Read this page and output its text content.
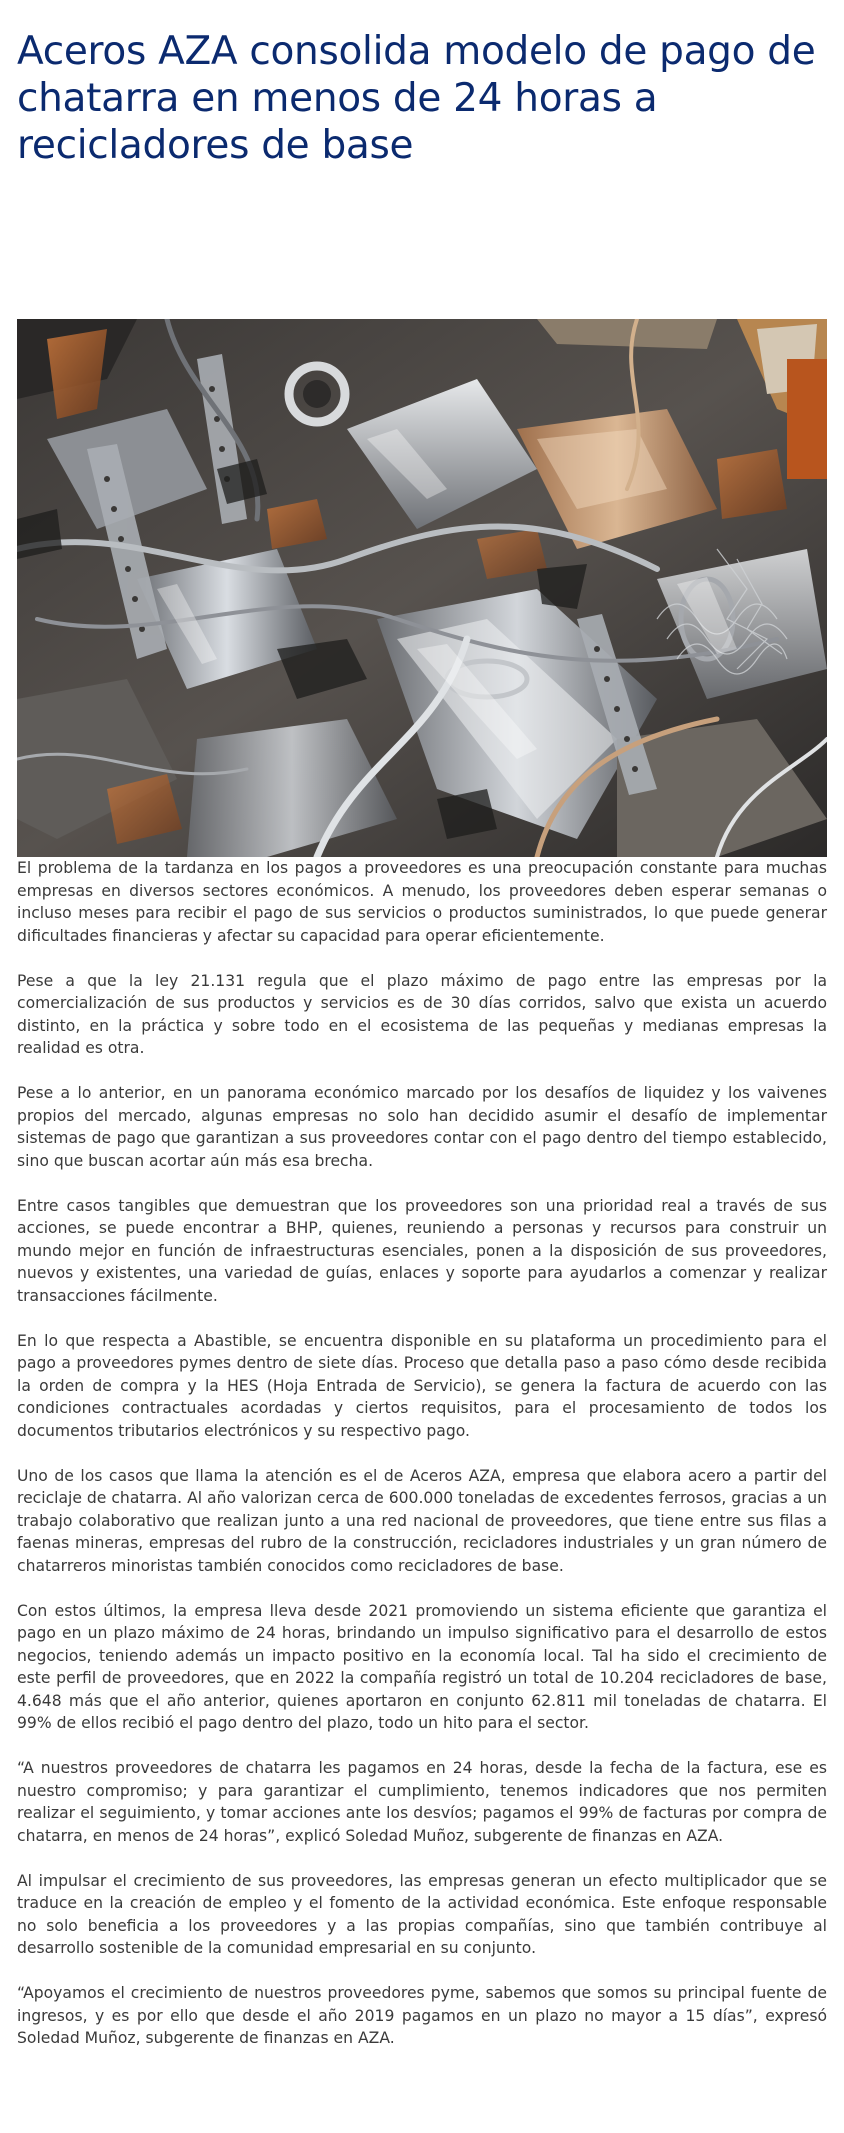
Aceros AZA consolida modelo de pago de chatarra en menos de 24 horas a recicladores de base

El problema de la tardanza en los pagos a proveedores es una preocupación constante para muchas empresas en diversos sectores económicos. A menudo, los proveedores deben esperar semanas o incluso meses para recibir el pago de sus servicios o productos suministrados, lo que puede generar dificultades financieras y afectar su capacidad para operar eficientemente.

Pese a que la ley 21.131 regula que el plazo máximo de pago entre las empresas por la comercialización de sus productos y servicios es de 30 días corridos, salvo que exista un acuerdo distinto, en la práctica y sobre todo en el ecosistema de las pequeñas y medianas empresas la realidad es otra.

Pese a lo anterior, en un panorama económico marcado por los desafíos de liquidez y los vaivenes propios del mercado, algunas empresas no solo han decidido asumir el desafío de implementar sistemas de pago que garantizan a sus proveedores contar con el pago dentro del tiempo establecido, sino que buscan acortar aún más esa brecha.

Entre casos tangibles que demuestran que los proveedores son una prioridad real a través de sus acciones, se puede encontrar a BHP, quienes, reuniendo a personas y recursos para construir un mundo mejor en función de infraestructuras esenciales, ponen a la disposición de sus proveedores, nuevos y existentes, una variedad de guías, enlaces y soporte para ayudarlos a comenzar y realizar transacciones fácilmente.

En lo que respecta a Abastible, se encuentra disponible en su plataforma un procedimiento para el pago a proveedores pymes dentro de siete días. Proceso que detalla paso a paso cómo desde recibida la orden de compra y la HES (Hoja Entrada de Servicio), se genera la factura de acuerdo con las condiciones contractuales acordadas y ciertos requisitos, para el procesamiento de todos los documentos tributarios electrónicos y su respectivo pago.

Uno de los casos que llama la atención es el de Aceros AZA, empresa que elabora acero a partir del reciclaje de chatarra. Al año valorizan cerca de 600.000 toneladas de excedentes ferrosos, gracias a un trabajo colaborativo que realizan junto a una red nacional de proveedores, que tiene entre sus filas a faenas mineras, empresas del rubro de la construcción, recicladores industriales y un gran número de chatarreros minoristas también conocidos como recicladores de base.

Con estos últimos, la empresa lleva desde 2021 promoviendo un sistema eficiente que garantiza el pago en un plazo máximo de 24 horas, brindando un impulso significativo para el desarrollo de estos negocios, teniendo además un impacto positivo en la economía local. Tal ha sido el crecimiento de este perfil de proveedores, que en 2022 la compañía registró un total de 10.204 recicladores de base, 4.648 más que el año anterior, quienes aportaron en conjunto 62.811 mil toneladas de chatarra. El 99% de ellos recibió el pago dentro del plazo, todo un hito para el sector.

“A nuestros proveedores de chatarra les pagamos en 24 horas, desde la fecha de la factura, ese es nuestro compromiso; y para garantizar el cumplimiento, tenemos indicadores que nos permiten realizar el seguimiento, y tomar acciones ante los desvíos; pagamos el 99% de facturas por compra de chatarra, en menos de 24 horas”, explicó Soledad Muñoz, subgerente de finanzas en AZA.

Al impulsar el crecimiento de sus proveedores, las empresas generan un efecto multiplicador que se traduce en la creación de empleo y el fomento de la actividad económica. Este enfoque responsable no solo beneficia a los proveedores y a las propias compañías, sino que también contribuye al desarrollo sostenible de la comunidad empresarial en su conjunto.

“Apoyamos el crecimiento de nuestros proveedores pyme, sabemos que somos su principal fuente de ingresos, y es por ello que desde el año 2019 pagamos en un plazo no mayor a 15 días”, expresó Soledad Muñoz, subgerente de finanzas en AZA.
